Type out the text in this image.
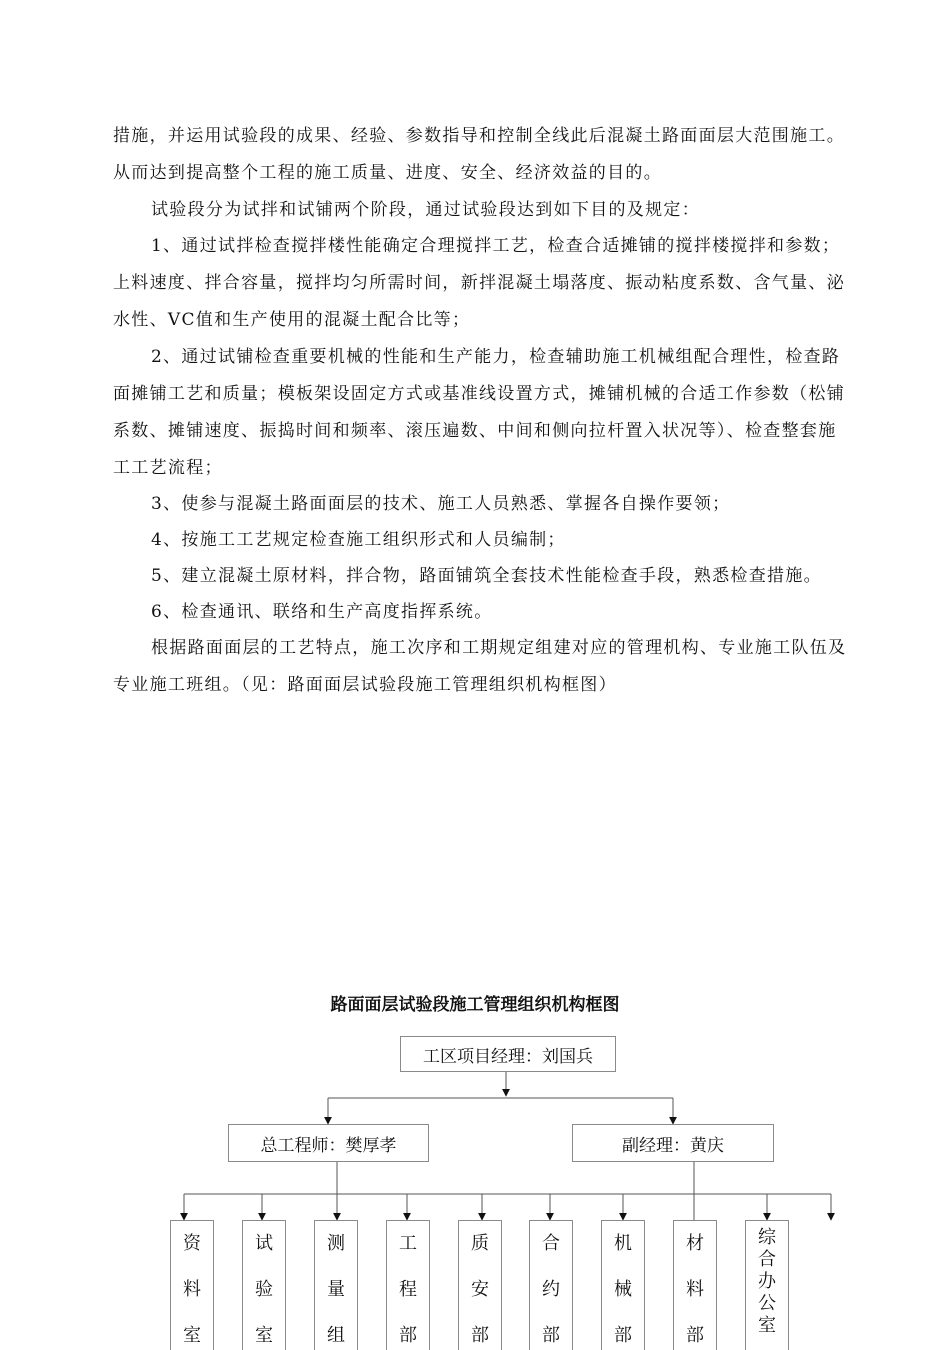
措施，并运用试验段的成果、经验、参数指导和控制全线此后混凝土路面面层大范围施工。

从而达到提高整个工程的施工质量、进度、安全、经济效益的目的。

试验段分为试拌和试铺两个阶段，通过试验段达到如下目的及规定：

1、通过试拌检查搅拌楼性能确定合理搅拌工艺，检查合适摊铺的搅拌楼搅拌和参数；

上料速度、拌合容量，搅拌均匀所需时间，新拌混凝土塌落度、振动粘度系数、含气量、泌

水性、VC值和生产使用的混凝土配合比等；

2、通过试铺检查重要机械的性能和生产能力，检查辅助施工机械组配合理性，检查路

面摊铺工艺和质量；模板架设固定方式或基准线设置方式，摊铺机械的合适工作参数（松铺

系数、摊铺速度、振捣时间和频率、滚压遍数、中间和侧向拉杆置入状况等）、检查整套施

工工艺流程；

3、使参与混凝土路面面层的技术、施工人员熟悉、掌握各自操作要领；

4、按施工工艺规定检查施工组织形式和人员编制；

5、建立混凝土原材料，拌合物，路面铺筑全套技术性能检查手段，熟悉检查措施。

6、检查通讯、联络和生产高度指挥系统。

根据路面面层的工艺特点，施工次序和工期规定组建对应的管理机构、专业施工队伍及

专业施工班组。（见：路面面层试验段施工管理组织机构框图）

路面面层试验段施工管理组织机构框图
工区项目经理：刘国兵
总工程师：樊厚孝	副经理：黄庆
资
料
室
试
验
室
测
量
组
工
程
部
质
安
部
合
约
部
机
械
部
材
料
部
综
合
办
公
室
